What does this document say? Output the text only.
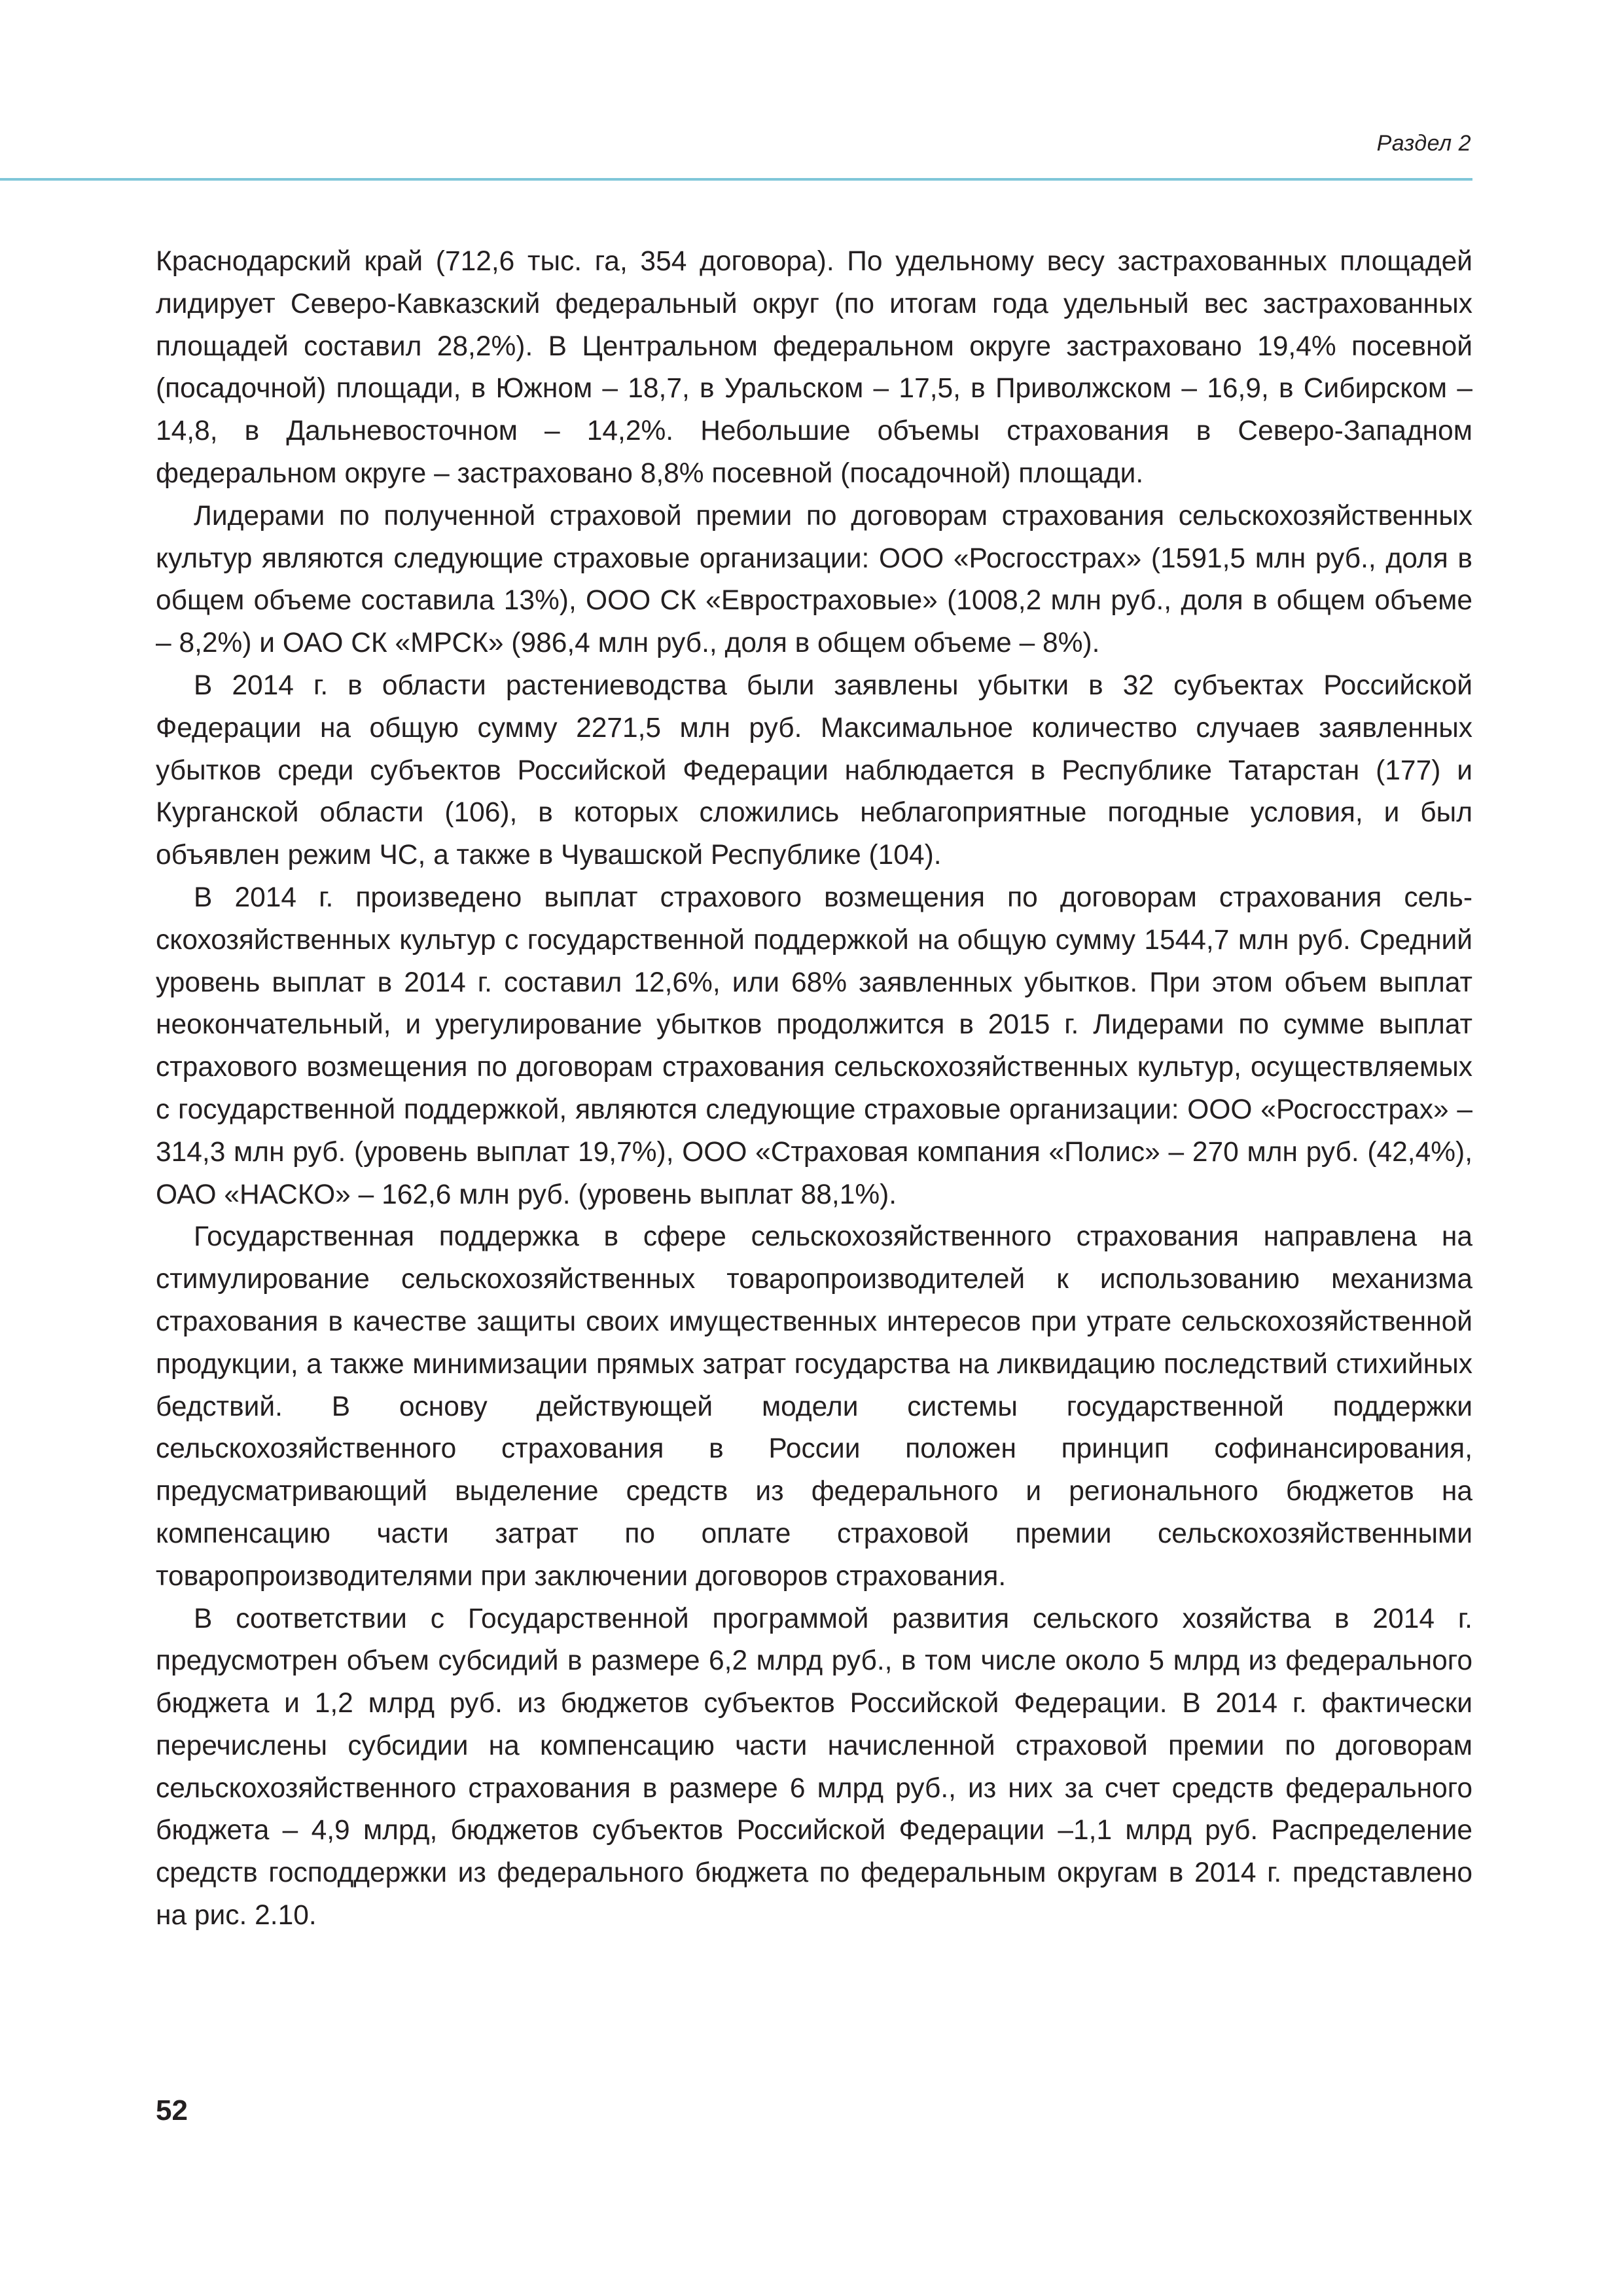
Раздел 2

Краснодарский край (712,6 тыс. га, 354 договора). По удельному весу застрахованных площадей лидирует Северо-Кавказский федеральный округ (по итогам года удельный вес застрахованных площадей составил 28,2%). В Центральном федеральном округе застраховано 19,4% посевной (посадочной) площади, в Южном – 18,7, в Уральском – 17,5, в Приволжском – 16,9, в Сибирском – 14,8, в Дальневосточном – 14,2%. Небольшие объемы страхования в Северо-Западном федеральном округе – застраховано 8,8% посевной (посадочной) площади.

Лидерами по полученной страховой премии по договорам страхования сельскохозяйственных культур являются следующие страховые организации: ООО «Росгосстрах» (1591,5 млн руб., доля в общем объеме составила 13%), ООО СК «Евростраховые» (1008,2 млн руб., доля в общем объеме – 8,2%) и ОАО СК «МРСК» (986,4 млн руб., доля в общем объеме – 8%).

В 2014 г. в области растениеводства были заявлены убытки в 32 субъектах Российской Федерации на общую сумму 2271,5 млн руб. Максимальное количество случаев заявленных убытков среди субъектов Российской Федерации наблюдается в Республике Татарстан (177) и Курганской области (106), в которых сложились неблагоприятные погодные условия, и был объявлен режим ЧС, а также в Чувашской Республике (104).

В 2014 г. произведено выплат страхового возмещения по договорам страхования сельскохозяйственных культур с государственной поддержкой на общую сумму 1544,7 млн руб. Средний уровень выплат в 2014 г. составил 12,6%, или 68% заявленных убытков. При этом объем выплат неокончательный, и урегулирование убытков продолжится в 2015 г. Лидерами по сумме выплат страхового возмещения по договорам страхования сельскохозяйственных культур, осуществляемых с государственной поддержкой, являются следующие страховые организации: ООО «Росгосстрах» – 314,3 млн руб. (уровень выплат 19,7%), ООО «Страховая компания «Полис» – 270 млн руб. (42,4%), ОАО «НАСКО» – 162,6 млн руб. (уровень выплат 88,1%).

Государственная поддержка в сфере сельскохозяйственного страхования направлена на стимулирование сельскохозяйственных товаропроизводителей к использованию механизма страхования в качестве защиты своих имущественных интересов при утрате сельскохозяйственной продукции, а также минимизации прямых затрат государства на ликвидацию последствий стихийных бедствий. В основу действующей модели системы государственной поддержки сельскохозяйственного страхования в России положен принцип софинансирования, предусматривающий выделение средств из федерального и регионального бюджетов на компенсацию части затрат по оплате страховой премии сельскохозяйственными товаропроизводителями при заключении договоров страхования.

В соответствии с Государственной программой развития сельского хозяйства в 2014 г. предусмотрен объем субсидий в размере 6,2 млрд руб., в том числе около 5 млрд из федерального бюджета и 1,2 млрд руб. из бюджетов субъектов Российской Федерации. В 2014 г. фактически перечислены субсидии на компенсацию части начисленной страховой премии по договорам сельскохозяйственного страхования в размере 6 млрд руб., из них за счет средств федерального бюджета – 4,9 млрд, бюджетов субъектов Российской Федерации –1,1 млрд руб. Распределение средств господдержки из федерального бюджета по федеральным округам в 2014 г. представлено на рис. 2.10.

52
